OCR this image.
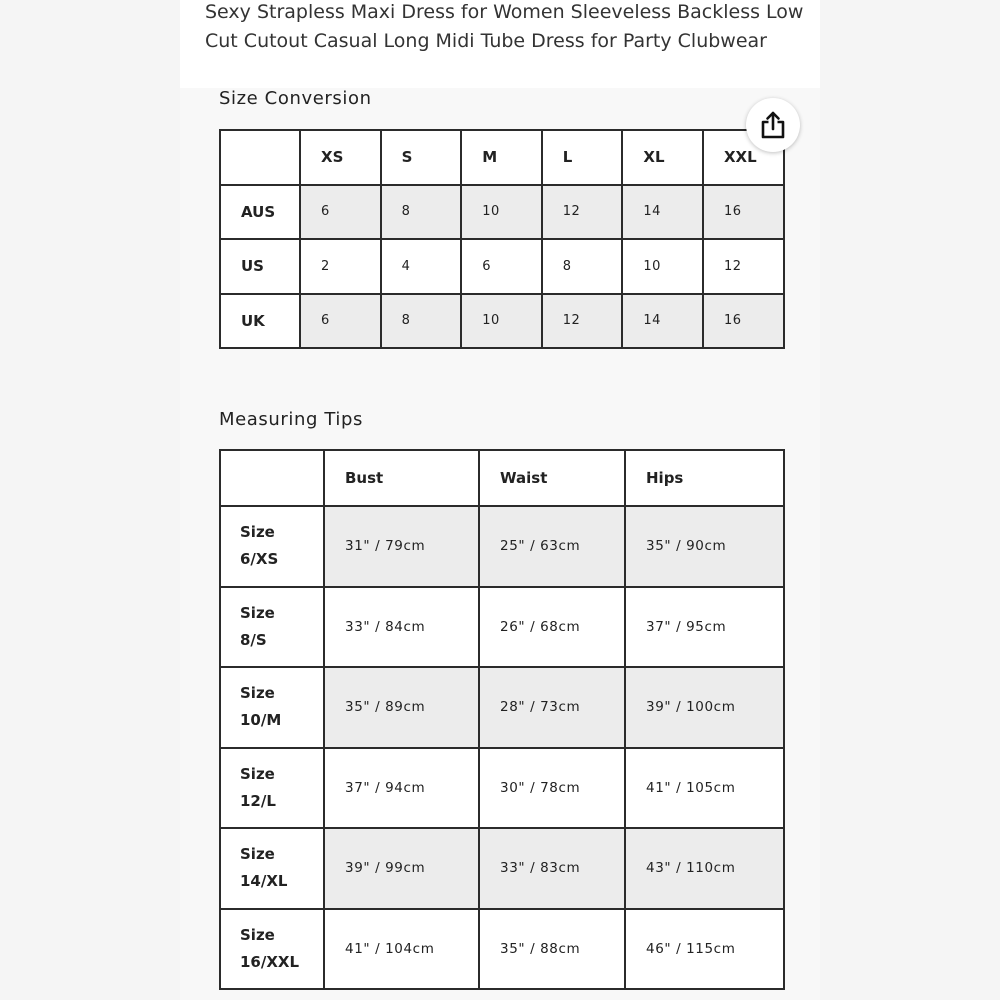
Sexy Strapless Maxi Dress for Women Sleeveless Backless Low Cut Cutout Casual Long Midi Tube Dress for Party Clubwear
Size Conversion
	XS	S	M	L	XL	XXL
AUS	6	8	10	12	14	16
US	2	4	6	8	10	12
UK	6	8	10	12	14	16
Measuring Tips
	Bust	Waist	Hips
Size
6/XS	31" / 79cm	25" / 63cm	35" / 90cm
Size
8/S	33" / 84cm	26" / 68cm	37" / 95cm
Size
10/M	35" / 89cm	28" / 73cm	39" / 100cm
Size
12/L	37" / 94cm	30" / 78cm	41" / 105cm
Size
14/XL	39" / 99cm	33" / 83cm	43" / 110cm
Size
16/XXL	41" / 104cm	35" / 88cm	46" / 115cm
